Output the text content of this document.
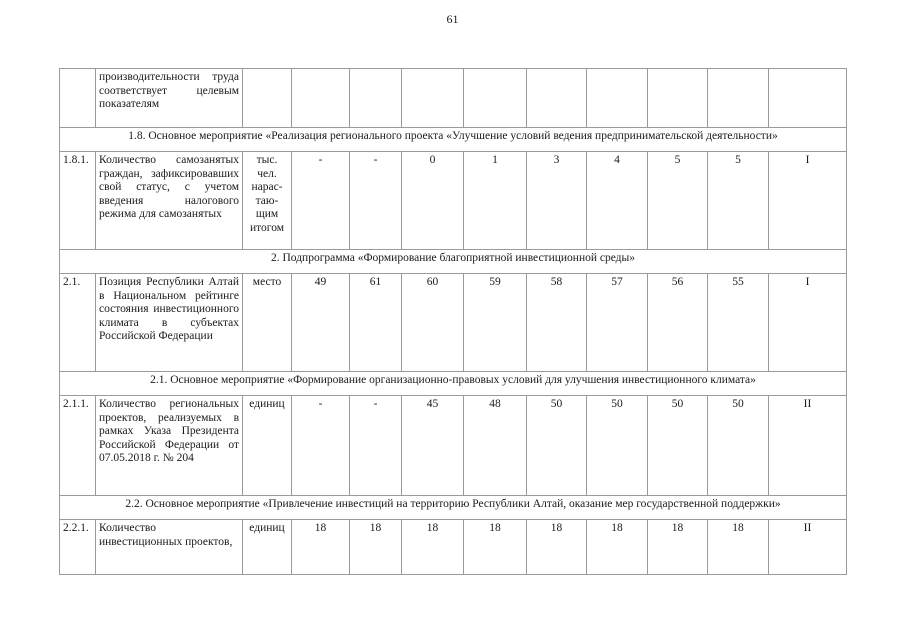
61
	производительности труда соответствует целевым показателям										
1.8. Основное мероприятие «Реализация регионального проекта «Улучшение условий ведения предпринимательской деятельности»											
1.8.1.	Количество самозанятых граждан, зафиксировавших свой статус, с учетом введения налогового режима для самозанятых	тыс. чел. нарас- таю- щим итогом	-	-	0	1	3	4	5	5	I
2. Подпрограмма «Формирование благоприятной инвестиционной среды»											
2.1.	Позиция Республики Алтай в Национальном рейтинге состояния инвестиционного климата в субъектах Российской Федерации	место	49	61	60	59	58	57	56	55	I
2.1. Основное мероприятие «Формирование организационно-правовых условий для улучшения инвестиционного климата»											
2.1.1.	Количество региональных проектов, реализуемых в рамках Указа Президента Российской Федерации от 07.05.2018 г. № 204	единиц	-	-	45	48	50	50	50	50	II
2.2. Основное мероприятие «Привлечение инвестиций на территорию Республики Алтай, оказание мер государственной поддержки»											
2.2.1.	Количество инвестиционных проектов,	единиц	18	18	18	18	18	18	18	18	II
